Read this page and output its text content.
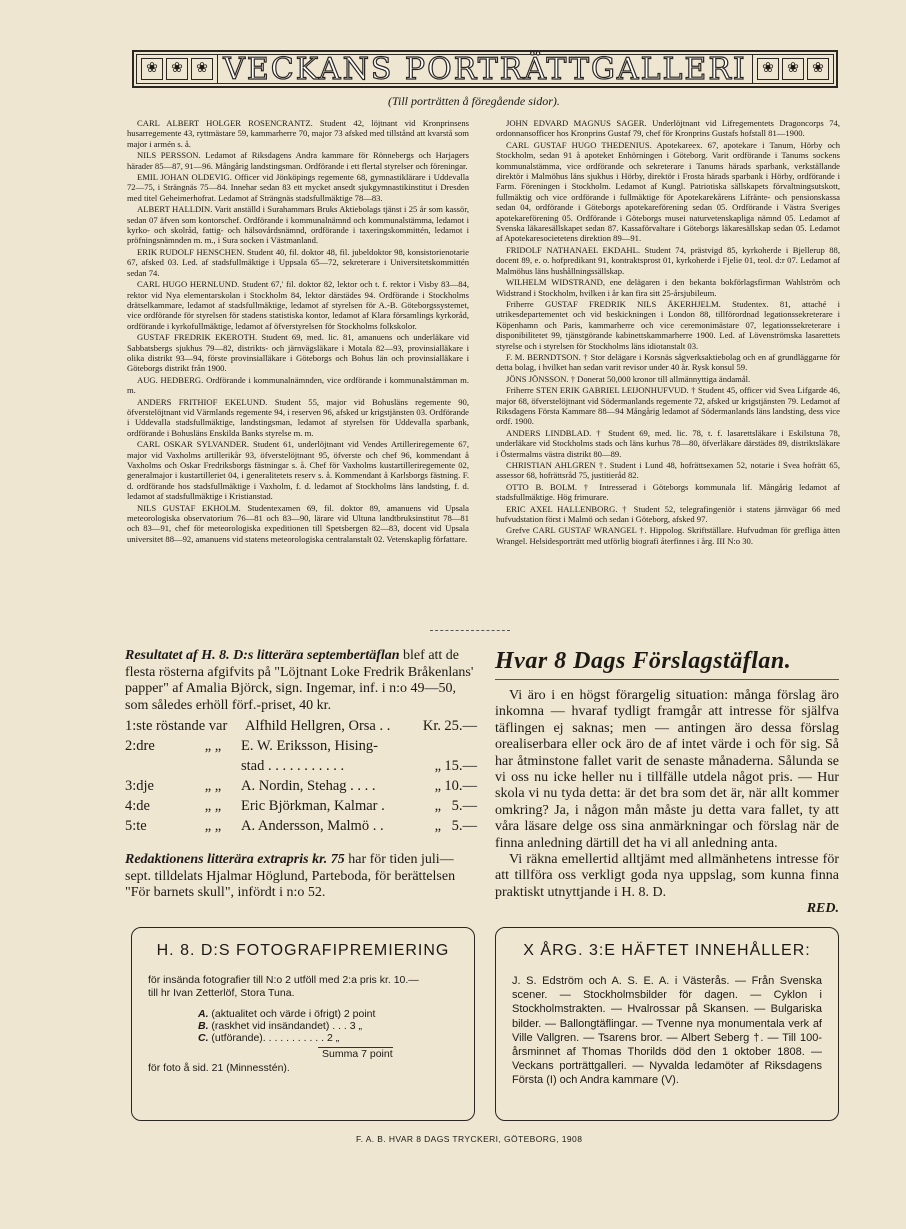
❀ ❀ ❀ VECKANS PORTRÄTTGALLERI	❀ ❀ ❀
(Till porträtten å föregående sidor).

CARL ALBERT HOLGER ROSENCRANTZ. Student 42, löjtnant vid Kronprinsens husarregemente 43, ryttmästare 59, kammarherre 70, major 73 afsked med tillstånd att kvarstå som major i armén s. å.

NILS PERSSON. Ledamot af Riksdagens Andra kammare för Rönnebergs och Harjagers härader 85—87, 91—96. Mångårig landstingsman. Ordförande i ett flertal styrelser och föreningar.

EMIL JOHAN OLDEVIG. Officer vid Jönköpings regemente 68, gymnastiklärare i Uddevalla 72—75, i Strängnäs 75—84. Innehar sedan 83 ett mycket ansedt sjukgymnastikinstitut i Dresden med titel Geheimerhofrat. Ledamot af Strängnäs stadsfullmäktige 78—83.

ALBERT HALLDIN. Varit anställd i Surahammars Bruks Aktiebolags tjänst i 25 år som kassör, sedan 07 äfven som kontorschef. Ordförande i kommunalnämnd och kommunalstämma, ledamot i kyrko- och skolråd, fattig- och hälsovårdsnämnd, ordförande i taxeringskommittén, ledamot i pröfningsnämnden m. m., i Sura socken i Västmanland.

ERIK RUDOLF HENSCHEN. Student 40, fil. doktor 48, fil. jubeldoktor 98, konsistorienotarie 67, afsked 03. Led. af stadsfullmäktige i Uppsala 65—72, sekreterare i Universitetskommittén sedan 74.

CARL HUGO HERNLUND. Student 67,' fil. doktor 82, lektor och t. f. rektor i Visby 83—84, rektor vid Nya elementarskolan i Stockholm 84, lektor därstädes 94. Ordförande i Stockholms drätselkammare, ledamot af stadsfullmäktige, ledamot af styrelsen för A.-B. Göteborgssystemet, vice ordförande för styrelsen för stadens statistiska kontor, ledamot af Klara församlings kyrkoråd, ordförande i kyrkofullmäktige, ledamot af öfverstyrelsen för Stockholms folkskolor.

GUSTAF FREDRIK EKEROTH. Student 69, med. lic. 81, amanuens och underläkare vid Sabbatsbergs sjukhus 79—82, distrikts- och järnvägsläkare i Motala 82—93, provinsialläkare i olika distrikt 93—94, förste provinsialläkare i Göteborgs och Bohus län och provinsialläkare i Göteborgs distrikt från 1900.

AUG. HEDBERG. Ordförande i kommunalnämnden, vice ordförande i kommunalstämman m. m.

ANDERS FRITHIOF EKELUND. Student 55, major vid Bohusläns regemente 90, öfverstelöjtnant vid Värmlands regemente 94, i reserven 96, afsked ur krigstjänsten 03. Ordförande i Uddevalla stadsfullmäktige, landstingsman, ledamot af styrelsen för Uddevalla sparbank, ordförande i Bohusläns Enskilda Banks styrelse m. m.

CARL OSKAR SYLVANDER. Student 61, underlöjtnant vid Vendes Artilleriregemente 67, major vid Vaxholms artillerikår 93, öfverstelöjtnant 95, öfverste och chef 96, kommendant å Vaxholms och Oskar Fredriksborgs fästningar s. å. Chef för Vaxholms kustartilleriregemente 02, generalmajor i kustartilleriet 04, i generalitetets reserv s. å. Kommendant å Karlsborgs fästning. F. d. ordförande hos stadsfullmäktige i Vaxholm, f. d. ledamot af Stockholms läns landsting, f. d. ledamot af stadsfullmäktige i Kristianstad.

NILS GUSTAF EKHOLM. Studentexamen 69, fil. doktor 89, amanuens vid Upsala meteorologiska observatorium 76—81 och 83—90, lärare vid Ultuna landtbruksinstitut 78—81 och 83—91, chef för meteorologiska expeditionen till Spetsbergen 82—83, docent vid Upsala universitet 88—92, amanuens vid statens meteorologiska centralanstalt 02. Vetenskaplig författare.

JOHN EDVARD MAGNUS SAGER. Underlöjtnant vid Lifregementets Dragoncorps 74, ordonnansofficer hos Kronprins Gustaf 79, chef för Kronprins Gustafs hofstall 81—1900.

CARL GUSTAF HUGO THEDENIUS. Apotekareex. 67, apotekare i Tanum, Hörby och Stockholm, sedan 91 å apoteket Enhörningen i Göteborg. Varit ordförande i Tanums sockens kommunalstämma, vice ordförande och sekreterare i Tanums härads sparbank, verkställande direktör i Malmöhus läns sjukhus i Hörby, direktör i Frosta härads sparbank i Hörby, ordförande i Farm. Föreningen i Stockholm. Ledamot af Kungl. Patriotiska sällskapets förvaltningsutskott, fullmäktig och vice ordförande i fullmäktige för Apotekarekårens Lifränte- och pensionskassa sedan 04, ordförande i Göteborgs apotekareförening sedan 05. Ordförande i Västra Sveriges apotekareförening 05. Ordförande i Göteborgs musei naturvetenskapliga nämnd 05. Ledamot af Svenska läkaresällskapet sedan 87. Kassaförvaltare i Göteborgs läkaresällskap sedan 05. Ledamot af Apotekaresocietetens direktion 89—91.

FRIDOLF NATHANAEL EKDAHL. Student 74, prästvigd 85, kyrkoherde i Bjellerup 88, docent 89, e. o. hofpredikant 91, kontraktsprost 01, kyrkoherde i Fjelie 01, teol. d:r 07. Ledamot af Malmöhus läns hushållningssällskap.

WILHELM WIDSTRAND, ene delägaren i den bekanta bokförlagsfirman Wahlström och Widstrand i Stockholm, hvilken i år kan fira sitt 25-årsjubileum.

Friherre GUSTAF FREDRIK NILS ÅKERHJELM. Studentex. 81, attaché i utrikesdepartementet och vid beskickningen i London 88, tillförordnad legationssekreterare i Köpenhamn och Paris, kammarherre och vice ceremonimästare 07, legationssekreterare i disponibilitetet 99, tjänstgörande kabinettskammarherre 1900. Led. af Lövenströmska lasarettets styrelse och i styrelsen för Stockholms läns idiotanstalt 03.

F. M. BERNDTSON. † Stor delägare i Korsnäs sågverksaktiebolag och en af grundläggarne för detta bolag, i hvilket han sedan varit revisor under 40 år. Rysk konsul 59.

JÖNS JÖNSSON. † Donerat 50,000 kronor till allmännyttiga ändamål.

Friherre STEN ERIK GABRIEL LEIJONHUFVUD. † Student 45, officer vid Svea Lifgarde 46, major 68, öfverstelöjtnant vid Södermanlands regemente 72, afsked ur krigstjänsten 79. Ledamot af Riksdagens Första Kammare 88—94 Mångårig ledamot af Södermanlands läns landsting, dess vice ordf. 1900.

ANDERS LINDBLAD. † Student 69, med. lic. 78, t. f. lasarettsläkare i Eskilstuna 78, underläkare vid Stockholms stads och läns kurhus 78—80, öfverläkare därstädes 89, distriktsläkare i Östermalms västra distrikt 80—89.

CHRISTIAN AHLGREN †. Student i Lund 48, hofrättsexamen 52, notarie i Svea hofrätt 65, assessor 68, hofrättsråd 75, justitieråd 82.

OTTO B. BOLM. † Intresserad i Göteborgs kommunala lif. Mångårig ledamot af stadsfullmäktige. Hög frimurare.

ERIC AXEL HALLENBORG. † Student 52, telegrafingeniör i statens järnvägar 66 med hufvudstation först i Malmö och sedan i Göteborg, afsked 97.

Grefve CARL GUSTAF WRANGEL †. Hippolog. Skriftställare. Hufvudman för grefliga ätten Wrangel. Helsidesporträtt med utförlig biografi återfinnes i årg. III N:o 30.

Resultatet af H. 8. D:s litterära septembertäflan blef att de flesta rösterna afgifvits på "Löjtnant Loke Fredrik Bråkenlans' papper" af Amalia Björck, sign. Ingemar, inf. i n:o 49—50, som således erhöll förf.-priset, 40 kr.

1:ste röstande var	Alfhild Hellgren, Orsa . .	Kr. 25.—
2:dre	„ „	E. W. Eriksson, Hising-
stad . . . . . . . . . . .	„ 15.—
3:dje	„ „	A. Nordin, Stehag . . . .	„ 10.—
4:de	„ „	Eric Björkman, Kalmar .	„ 5.—
5:te	„ „	A. Andersson, Malmö . .	„ 5.—

Redaktionens litterära extrapris kr. 75 har för tiden juli—sept. tilldelats Hjalmar Höglund, Parteboda, för berättelsen "För barnets skull", infördt i n:o 52.

Hvar 8 Dags Förslagstäflan.

Vi äro i en högst förargelig situation: många förslag äro inkomna — hvaraf tydligt framgår att intresse för själfva täflingen ej saknas; men — antingen äro dessa förslag orealiserbara eller ock äro de af intet värde i och för sig. Så har åtminstone fallet varit de senaste månaderna. Sålunda se vi oss nu icke heller nu i tillfälle utdela något pris. — Hur skola vi nu tyda detta: är det bra som det är, när allt kommer omkring? Ja, i någon mån måste ju detta vara fallet, ty att våra läsare delge oss sina anmärkningar och förslag när de finna anledning därtill det ha vi all anledning anta.

Vi räkna emellertid alltjämt med allmänhetens intresse för att tillföra oss verkligt goda nya uppslag, som kunna finna praktiskt utnyttjande i H. 8. D.

RED.
H. 8. D:S FOTOGRAFIPREMIERING
för insända fotografier till N:o 2 utföll med 2:a pris kr. 10.—
till hr Ivan Zetterlöf, Stora Tuna.
A. (aktualitet och värde i öfrigt) 2 point
B. (raskhet vid insändandet) . . . 3 „
C. (utförande). . . . . . . . . . . 2 „
Summa 7 point
för foto å sid. 21 (Minnesstén).
X ÅRG. 3:E HÄFTET INNEHÅLLER:
J. S. Edström och A. S. E. A. i Västerås. — Från Svenska scener. — Stockholmsbilder för dagen. — Cyklon i Stockholmstrakten. — Hvalrossar på Skansen. — Bulgariska bilder. — Ballongtäflingar. — Tvenne nya monumentala verk af Ville Vallgren. — Tsarens bror. — Albert Seberg †. — Till 100-årsminnet af Thomas Thorilds död den 1 oktober 1808. — Veckans porträttgalleri. — Nyvalda ledamöter af Riksdagens Första (I) och Andra kammare (V).
F. A. B. HVAR 8 DAGS TRYCKERI, GÖTEBORG, 1908
